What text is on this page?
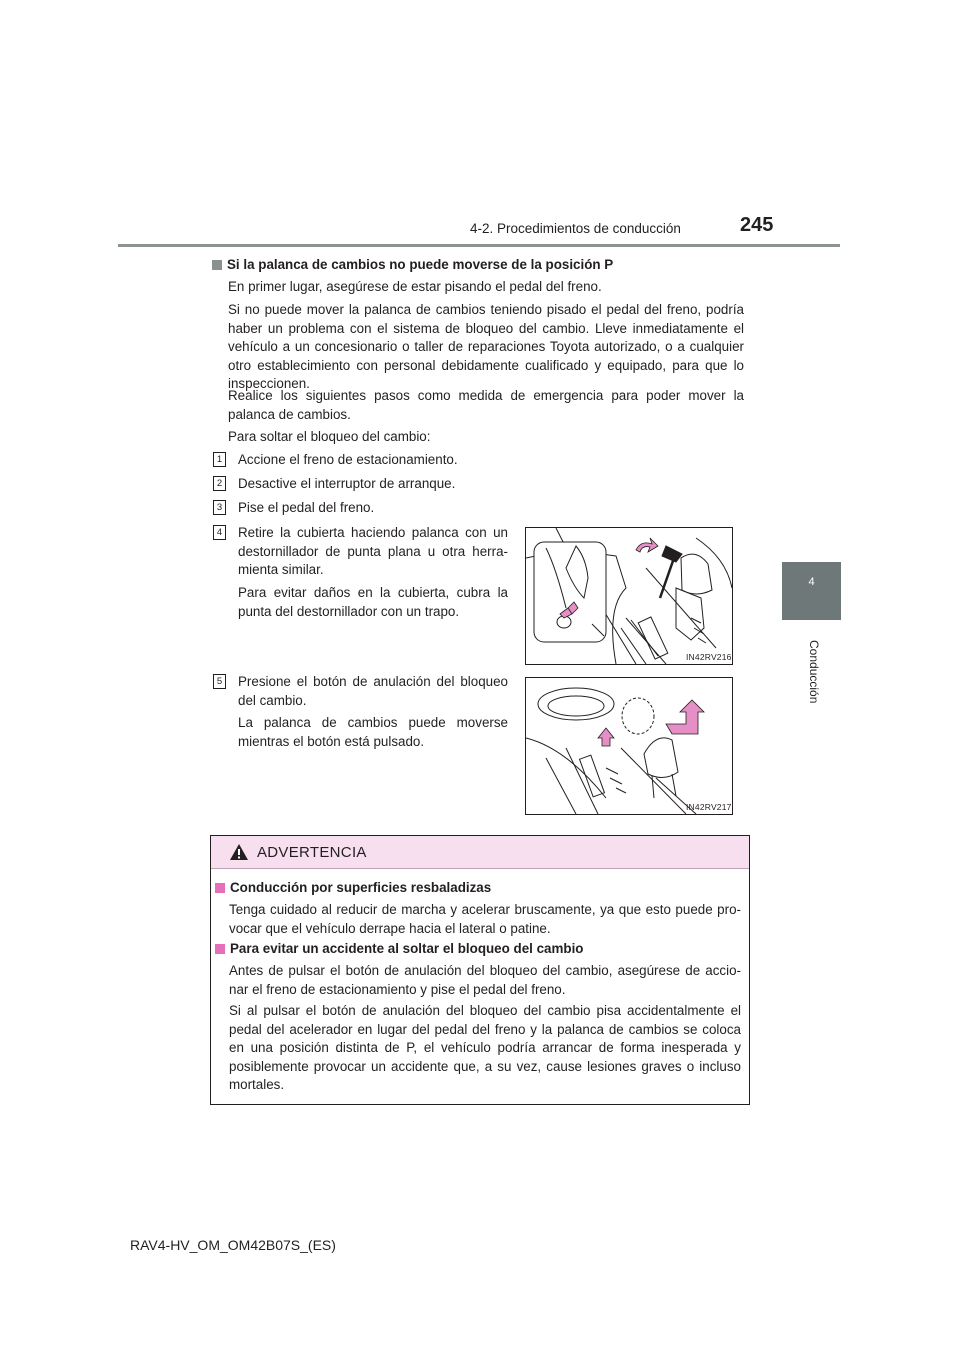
4-2. Procedimientos de conducción	245
4
Conducción
Si la palanca de cambios no puede moverse de la posición P
En primer lugar, asegúrese de estar pisando el pedal del freno.
Si no puede mover la palanca de cambios teniendo pisado el pedal del freno, podría haber un problema con el sistema de bloqueo del cambio. Lleve inmediatamente el vehículo a un concesionario o taller de reparaciones Toyota autorizado, o a cualquier otro establecimiento con personal debidamente cualificado y equipado, para que lo inspeccionen.
Realice los siguientes pasos como medida de emergencia para poder mover la palanca de cambios.
Para soltar el bloqueo del cambio:
1 Accione el freno de estacionamiento.
2 Desactive el interruptor de arranque.
3 Pise el pedal del freno.
4 Retire la cubierta haciendo palanca con un destornillador de punta plana u otra herra-mienta similar.
Para evitar daños en la cubierta, cubra la punta del destornillador con un trapo.
IN42RV216
5 Presione el botón de anulación del bloqueo del cambio.
La palanca de cambios puede moverse mientras el botón está pulsado.
IN42RV217
ADVERTENCIA
Conducción por superficies resbaladizas
Tenga cuidado al reducir de marcha y acelerar bruscamente, ya que esto puede pro-vocar que el vehículo derrape hacia el lateral o patine.
Para evitar un accidente al soltar el bloqueo del cambio
Antes de pulsar el botón de anulación del bloqueo del cambio, asegúrese de accio-nar el freno de estacionamiento y pise el pedal del freno.
Si al pulsar el botón de anulación del bloqueo del cambio pisa accidentalmente el pedal del acelerador en lugar del pedal del freno y la palanca de cambios se coloca en una posición distinta de P, el vehículo podría arrancar de forma inesperada y posiblemente provocar un accidente que, a su vez, cause lesiones graves o incluso mortales.
RAV4-HV_OM_OM42B07S_(ES)
